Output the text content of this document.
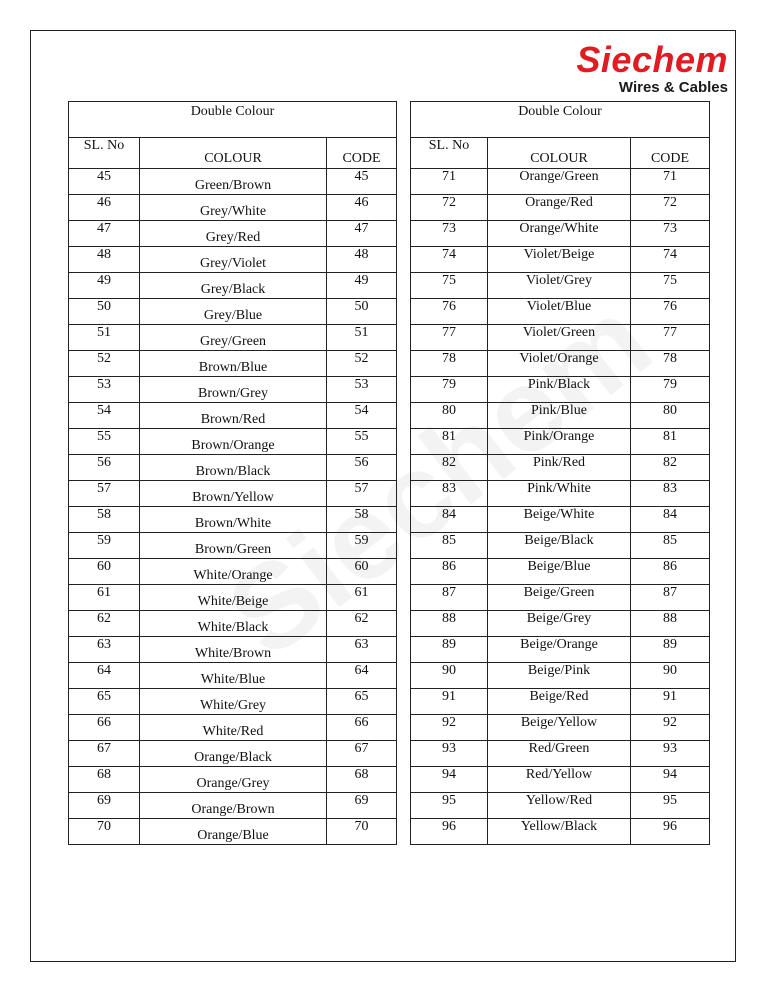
Siechem
Wires & Cables
Double Colour		
SL. No	COLOUR	CODE
45	Green/Brown	45
46	Grey/White	46
47	Grey/Red	47
48	Grey/Violet	48
49	Grey/Black	49
50	Grey/Blue	50
51	Grey/Green	51
52	Brown/Blue	52
53	Brown/Grey	53
54	Brown/Red	54
55	Brown/Orange	55
56	Brown/Black	56
57	Brown/Yellow	57
58	Brown/White	58
59	Brown/Green	59
60	White/Orange	60
61	White/Beige	61
62	White/Black	62
63	White/Brown	63
64	White/Blue	64
65	White/Grey	65
66	White/Red	66
67	Orange/Black	67
68	Orange/Grey	68
69	Orange/Brown	69
70	Orange/Blue	70
Double Colour		
SL. No	COLOUR	CODE
71	Orange/Green	71
72	Orange/Red	72
73	Orange/White	73
74	Violet/Beige	74
75	Violet/Grey	75
76	Violet/Blue	76
77	Violet/Green	77
78	Violet/Orange	78
79	Pink/Black	79
80	Pink/Blue	80
81	Pink/Orange	81
82	Pink/Red	82
83	Pink/White	83
84	Beige/White	84
85	Beige/Black	85
86	Beige/Blue	86
87	Beige/Green	87
88	Beige/Grey	88
89	Beige/Orange	89
90	Beige/Pink	90
91	Beige/Red	91
92	Beige/Yellow	92
93	Red/Green	93
94	Red/Yellow	94
95	Yellow/Red	95
96	Yellow/Black	96
